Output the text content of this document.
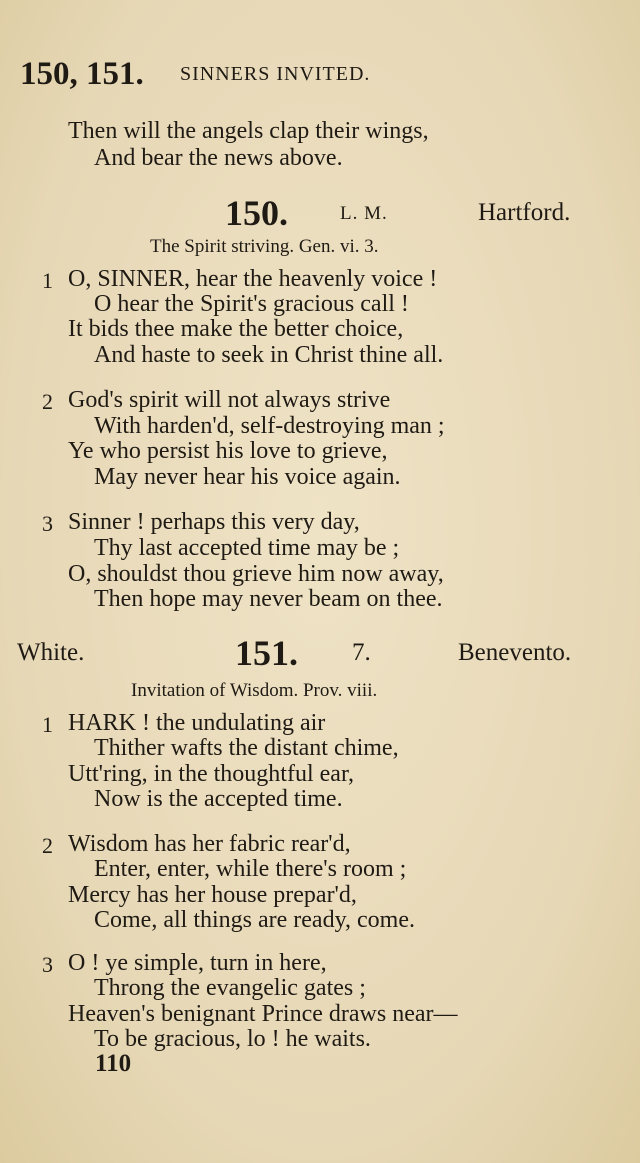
150, 151. SINNERS INVITED.
Then will the angels clap their wings,
And bear the news above.
150.	L. M.	Hartford.
The Spirit striving. Gen. vi. 3.
1 O, SINNER, hear the heavenly voice !
O hear the Spirit's gracious call !
It bids thee make the better choice,
And haste to seek in Christ thine all.
2 God's spirit will not always strive
With harden'd, self-destroying man ;
Ye who persist his love to grieve,
May never hear his voice again.
3 Sinner ! perhaps this very day,
Thy last accepted time may be ;
O, shouldst thou grieve him now away,
Then hope may never beam on thee.
White.	151. 7.	Benevento.
Invitation of Wisdom. Prov. viii.
1 HARK ! the undulating air
Thither wafts the distant chime,
Utt'ring, in the thoughtful ear,
Now is the accepted time.
2 Wisdom has her fabric rear'd,
Enter, enter, while there's room ;
Mercy has her house prepar'd,
Come, all things are ready, come.
3 O ! ye simple, turn in here,
Throng the evangelic gates ;
Heaven's benignant Prince draws near—
To be gracious, lo ! he waits.
110
